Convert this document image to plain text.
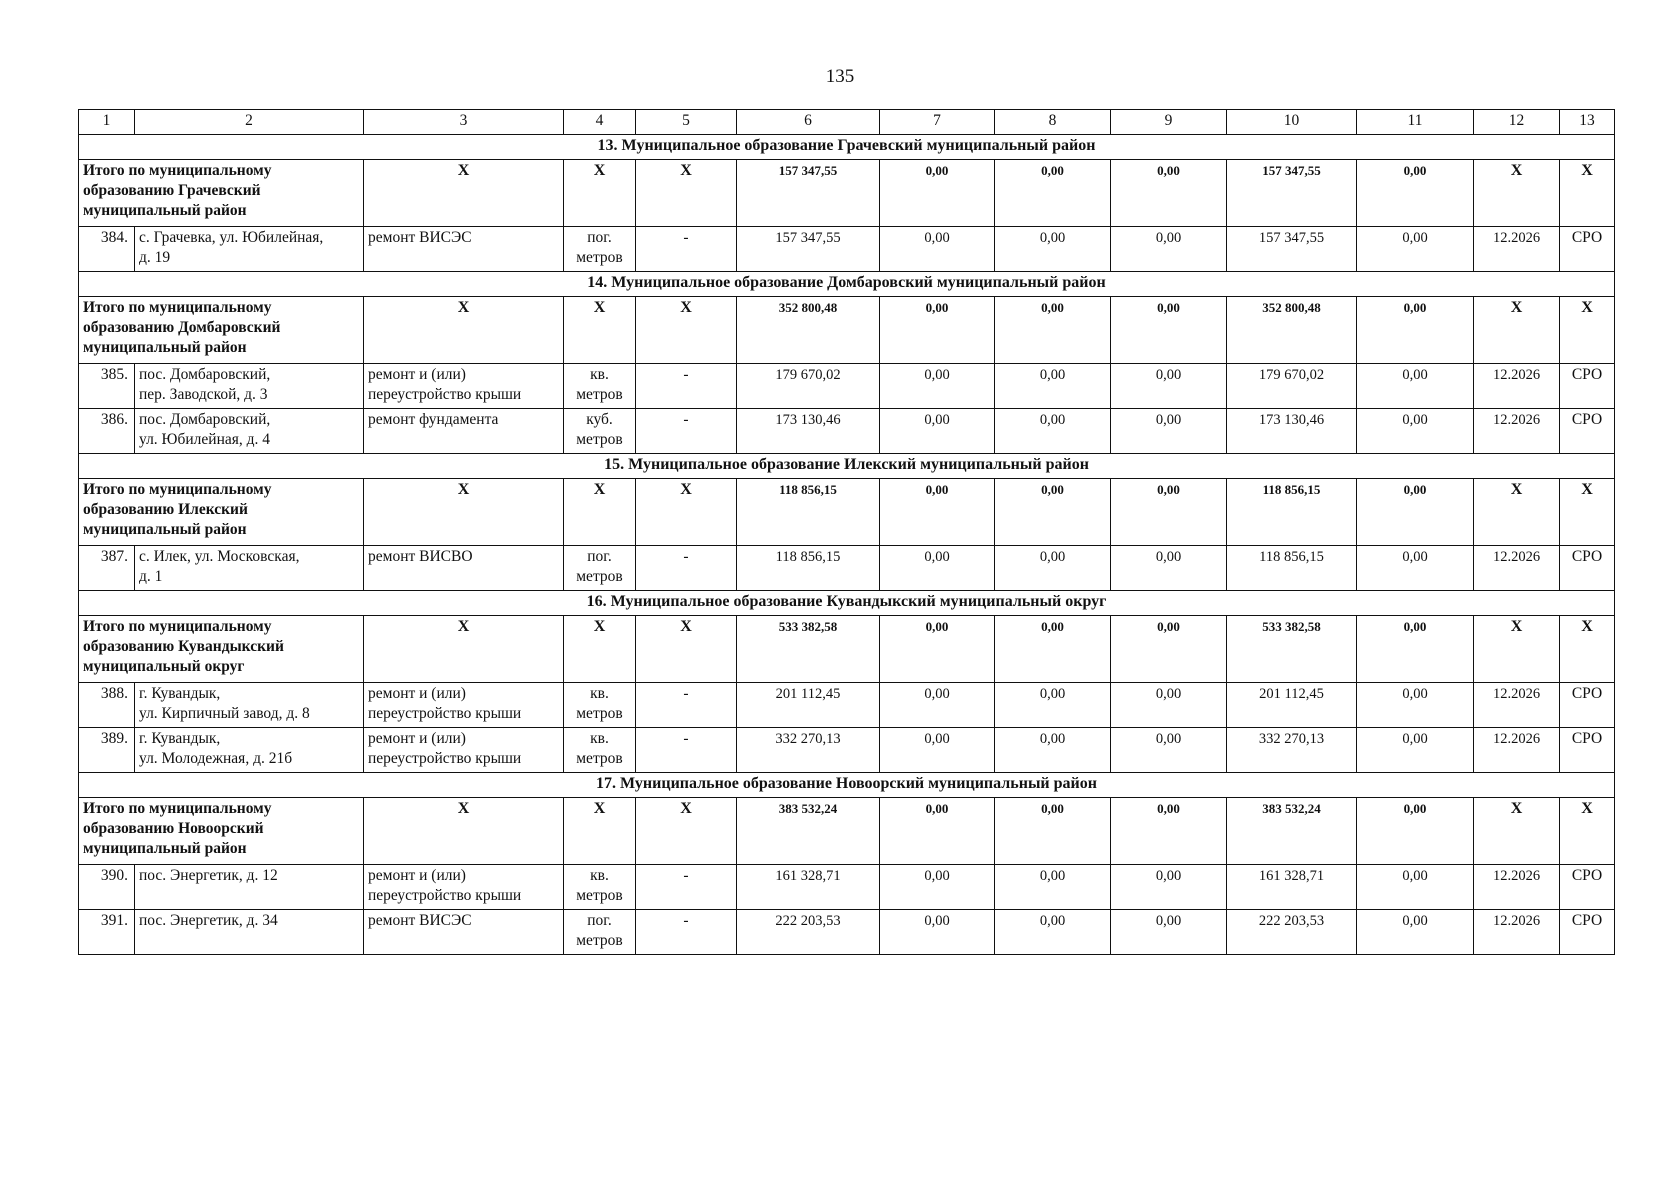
135
1	2	3	4	5	6	7	8	9	10	11	12	13
13. Муниципальное образование Грачевский муниципальный район												

Итого по муниципальному
образованию Грачевский
муниципальный район		X	X	X	157 347,55	0,00	0,00	0,00	157 347,55	0,00	X	X
384.	с. Грачевка, ул. Юбилейная,
д. 19	ремонт ВИСЭС	пог.
метров	-	157 347,55	0,00	0,00	0,00	157 347,55	0,00	12.2026	СРО
14. Муниципальное образование Домбаровский муниципальный район												

Итого по муниципальному
образованию Домбаровский
муниципальный район		X	X	X	352 800,48	0,00	0,00	0,00	352 800,48	0,00	X	X
385.	пос. Домбаровский,
пер. Заводской, д. 3	ремонт и (или)
переустройство крыши	кв.
метров	-	179 670,02	0,00	0,00	0,00	179 670,02	0,00	12.2026	СРО
386.	пос. Домбаровский,
ул. Юбилейная, д. 4	ремонт фундамента	куб.
метров	-	173 130,46	0,00	0,00	0,00	173 130,46	0,00	12.2026	СРО
15. Муниципальное образование Илекский муниципальный район												

Итого по муниципальному
образованию Илекский
муниципальный район		X	X	X	118 856,15	0,00	0,00	0,00	118 856,15	0,00	X	X
387.	с. Илек, ул. Московская,
д. 1	ремонт ВИСВО	пог.
метров	-	118 856,15	0,00	0,00	0,00	118 856,15	0,00	12.2026	СРО
16. Муниципальное образование Кувандыкский муниципальный округ												

Итого по муниципальному
образованию Кувандыкский
муниципальный округ		X	X	X	533 382,58	0,00	0,00	0,00	533 382,58	0,00	X	X
388.	г. Кувандык,
ул. Кирпичный завод, д. 8	ремонт и (или)
переустройство крыши	кв.
метров	-	201 112,45	0,00	0,00	0,00	201 112,45	0,00	12.2026	СРО
389.	г. Кувандык,
ул. Молодежная, д. 21б	ремонт и (или)
переустройство крыши	кв.
метров	-	332 270,13	0,00	0,00	0,00	332 270,13	0,00	12.2026	СРО
17. Муниципальное образование Новоорский муниципальный район												

Итого по муниципальному
образованию Новоорский
муниципальный район		X	X	X	383 532,24	0,00	0,00	0,00	383 532,24	0,00	X	X
390.	пос. Энергетик, д. 12	ремонт и (или)
переустройство крыши	кв.
метров	-	161 328,71	0,00	0,00	0,00	161 328,71	0,00	12.2026	СРО
391.	пос. Энергетик, д. 34	ремонт ВИСЭС	пог.
метров	-	222 203,53	0,00	0,00	0,00	222 203,53	0,00	12.2026	СРО
